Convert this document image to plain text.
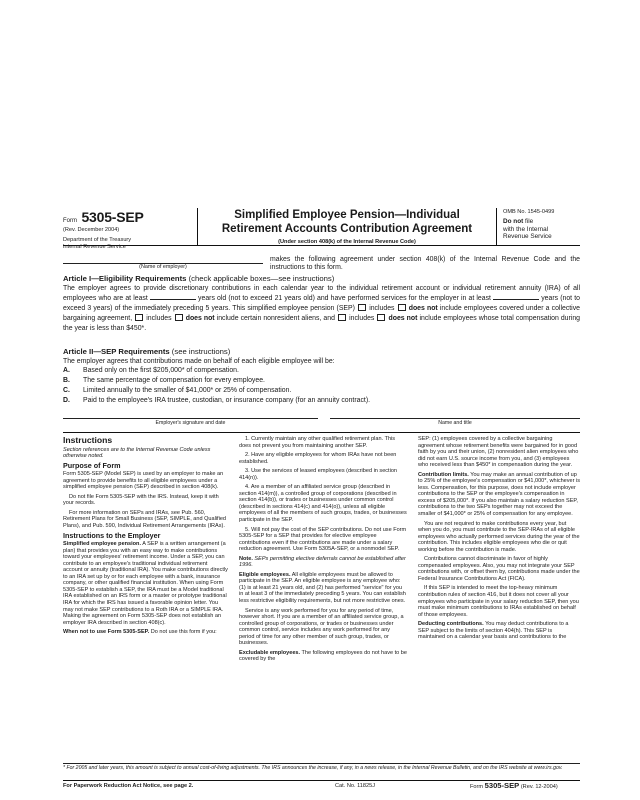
Form 5305-SEP
(Rev. December 2004)
Department of the Treasury
Internal Revenue Service
Simplified Employee Pension—Individual
Retirement Accounts Contribution Agreement
(Under section 408(k) of the Internal Revenue Code)
OMB No. 1545-0499
Do not file
with the Internal
Revenue Service
(Name of employer)
makes the following agreement under section 408(k) of the Internal Revenue Code and the instructions to this form.
Article I—Eligibility Requirements (check applicable boxes—see instructions)
The employer agrees to provide discretionary contributions in each calendar year to the individual retirement account or individual retirement annuity (IRA) of all employees who are at least	years old (not to exceed 21 years old) and have performed services for the employer in at least	years (not to exceed 3 years) of the immediately preceding 5 years. This simplified employee pension (SEP) includes does not include employees covered under a collective bargaining agreement, includes does not include certain nonresident aliens, and includes does not include employees whose total compensation during the year is less than $450*.
Article II—SEP Requirements (see instructions)
The employer agrees that contributions made on behalf of each eligible employee will be:
A. Based only on the first $205,000* of compensation.
B. The same percentage of compensation for every employee.
C. Limited annually to the smaller of $41,000* or 25% of compensation.
D. Paid to the employee's IRA trustee, custodian, or insurance company (for an annuity contract).
Employer's signature and date	Name and title
Instructions

Section references are to the Internal Revenue Code unless otherwise noted.

Purpose of Form

Form 5305-SEP (Model SEP) is used by an employer to make an agreement to provide benefits to all eligible employees under a simplified employee pension (SEP) described in section 408(k).

Do not file Form 5305-SEP with the IRS. Instead, keep it with your records.

For more information on SEPs and IRAs, see Pub. 560, Retirement Plans for Small Business (SEP, SIMPLE, and Qualified Plans), and Pub. 590, Individual Retirement Arrangements (IRAs).

Instructions to the Employer

Simplified employee pension. A SEP is a written arrangement (a plan) that provides you with an easy way to make contributions toward your employees' retirement income. Under a SEP, you can contribute to an employee's traditional individual retirement account or annuity (traditional IRA). You make contributions directly to an IRA set up by or for each employee with a bank, insurance company, or other qualified financial institution. When using Form 5305-SEP to establish a SEP, the IRA must be a Model traditional IRA established on an IRS form or a master or prototype traditional IRA for which the IRS has issued a favorable opinion letter. You may not make SEP contributions to a Roth IRA or a SIMPLE IRA. Making the agreement on Form 5305-SEP does not establish an employer IRA described in section 408(c).

When not to use Form 5305-SEP. Do not use this form if you:

1. Currently maintain any other qualified retirement plan. This does not prevent you from maintaining another SEP.

2. Have any eligible employees for whom IRAs have not been established.

3. Use the services of leased employees (described in section 414(n)).

4. Are a member of an affiliated service group (described in section 414(m)), a controlled group of corporations (described in section 414(b)), or trades or businesses under common control (described in sections 414(c) and 414(o)), unless all eligible employees of all the members of such groups, trades, or businesses participate in the SEP.

5. Will not pay the cost of the SEP contributions. Do not use Form 5305-SEP for a SEP that provides for elective employee contributions even if the contributions are made under a salary reduction agreement. Use Form 5305A-SEP, or a nonmodel SEP.

Note. SEPs permitting elective deferrals cannot be established after 1996.

Eligible employees. All eligible employees must be allowed to participate in the SEP. An eligible employee is any employee who: (1) is at least 21 years old, and (2) has performed "service" for you in at least 3 of the immediately preceding 5 years. You can establish less restrictive eligibility requirements, but not more restrictive ones.

Service is any work performed for you for any period of time, however short. If you are a member of an affiliated service group, a controlled group of corporations, or trades or businesses under common control, service includes any work performed for any period of time for any other member of such group, trades, or businesses.

Excludable employees. The following employees do not have to be covered by the

SEP: (1) employees covered by a collective bargaining agreement whose retirement benefits were bargained for in good faith by you and their union, (2) nonresident alien employees who did not earn U.S. source income from you, and (3) employees who received less than $450* in compensation during the year.

Contribution limits. You may make an annual contribution of up to 25% of the employee's compensation or $41,000*, whichever is less. Compensation, for this purpose, does not include employer contributions to the SEP or the employee's compensation in excess of $205,000*. If you also maintain a salary reduction SEP, contributions to the two SEPs together may not exceed the smaller of $41,000* or 25% of compensation for any employee.

You are not required to make contributions every year, but when you do, you must contribute to the SEP-IRAs of all eligible employees who actually performed services during the year of the contribution. This includes eligible employees who die or quit working before the contribution is made.

Contributions cannot discriminate in favor of highly compensated employees. Also, you may not integrate your SEP contributions with, or offset them by, contributions made under the Federal Insurance Contributions Act (FICA).

If this SEP is intended to meet the top-heavy minimum contribution rules of section 416, but it does not cover all your employees who participate in your salary reduction SEP, then you must make minimum contributions to IRAs established on behalf of those employees.

Deducting contributions. You may deduct contributions to a SEP subject to the limits of section 404(h). This SEP is maintained on a calendar year basis and contributions to the

* For 2005 and later years, this amount is subject to annual cost-of-living adjustments. The IRS announces the increase, if any, in a news release, in the Internal Revenue Bulletin, and on the IRS website at www.irs.gov.
For Paperwork Reduction Act Notice, see page 2.	Cat. No. 11825J	Form 5305-SEP (Rev. 12-2004)
